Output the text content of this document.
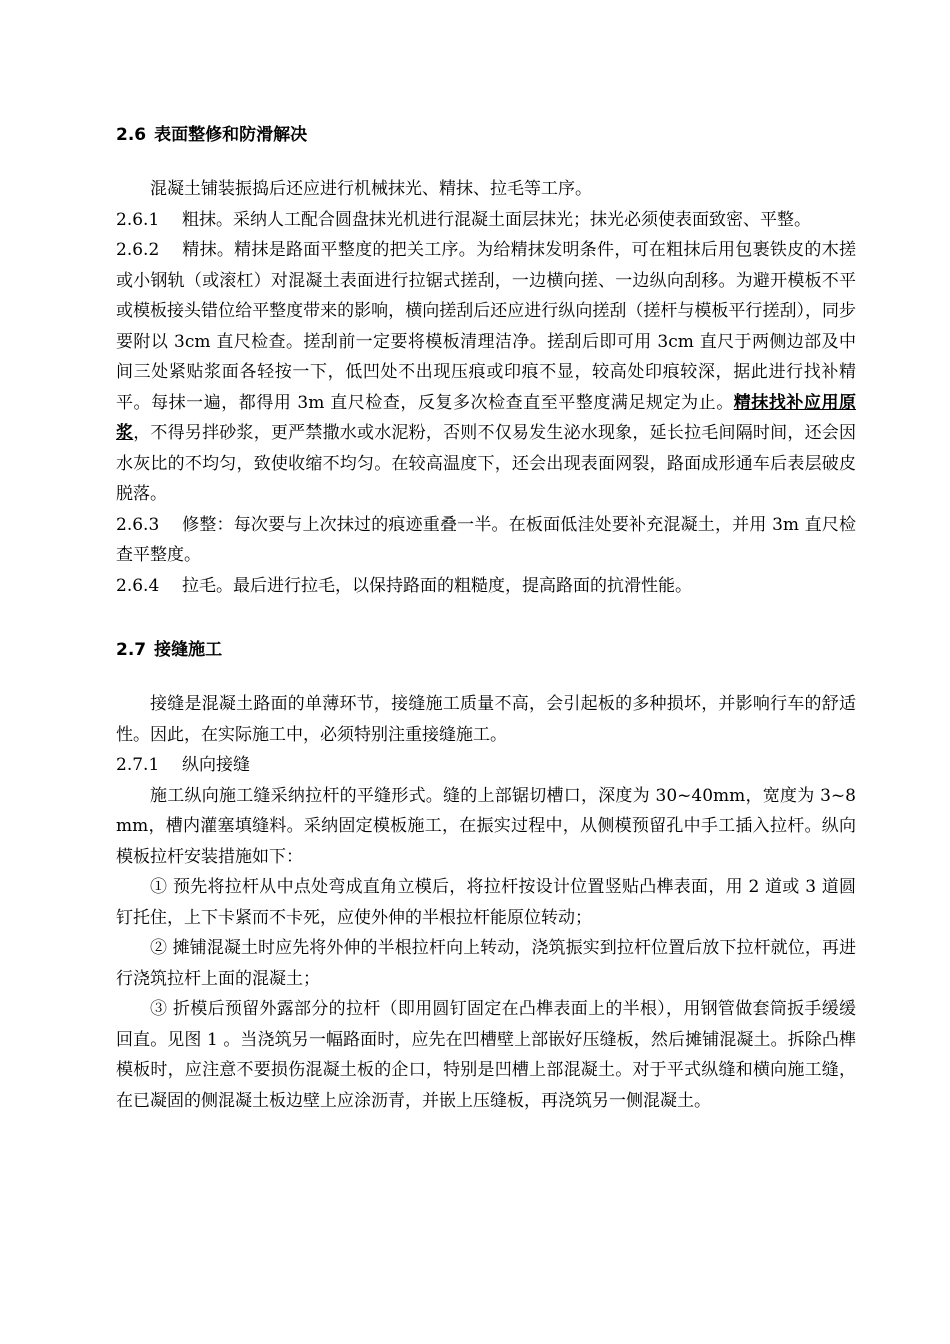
2.6 表面整修和防滑解决

混凝土铺装振捣后还应进行机械抹光、精抹、拉毛等工序。

2.6.1 粗抹。采纳人工配合圆盘抹光机进行混凝土面层抹光；抹光必须使表面致密、平整。

2.6.2 精抹。精抹是路面平整度的把关工序。为给精抹发明条件，可在粗抹后用包裹铁皮的木搓或小钢轨（或滚杠）对混凝土表面进行拉锯式搓刮，一边横向搓、一边纵向刮移。为避开模板不平或模板接头错位给平整度带来的影响，横向搓刮后还应进行纵向搓刮（搓杆与模板平行搓刮），同步要附以 3cm 直尺检查。搓刮前一定要将模板清理洁净。搓刮后即可用 3cm 直尺于两侧边部及中间三处紧贴浆面各轻按一下，低凹处不出现压痕或印痕不显，较高处印痕较深，据此进行找补精平。每抹一遍，都得用 3m 直尺检查，反复多次检查直至平整度满足规定为止。精抹找补应用原浆，不得另拌砂浆，更严禁撒水或水泥粉，否则不仅易发生泌水现象，延长拉毛间隔时间，还会因水灰比的不均匀，致使收缩不均匀。在较高温度下，还会出现表面网裂，路面成形通车后表层破皮脱落。

2.6.3 修整：每次要与上次抹过的痕迹重叠一半。在板面低洼处要补充混凝土，并用 3m 直尺检查平整度。

2.6.4 拉毛。最后进行拉毛，以保持路面的粗糙度，提高路面的抗滑性能。

2.7 接缝施工

接缝是混凝土路面的单薄环节，接缝施工质量不高，会引起板的多种损坏，并影响行车的舒适性。因此，在实际施工中，必须特别注重接缝施工。

2.7.1 纵向接缝

施工纵向施工缝采纳拉杆的平缝形式。缝的上部锯切槽口，深度为 30~40mm，宽度为 3~8mm，槽内灌塞填缝料。采纳固定模板施工，在振实过程中，从侧模预留孔中手工插入拉杆。纵向模板拉杆安装措施如下：

① 预先将拉杆从中点处弯成直角立模后，将拉杆按设计位置竖贴凸榫表面，用 2 道或 3 道圆钉托住，上下卡紧而不卡死，应使外伸的半根拉杆能原位转动；

② 摊铺混凝土时应先将外伸的半根拉杆向上转动，浇筑振实到拉杆位置后放下拉杆就位，再进行浇筑拉杆上面的混凝土；

③ 折模后预留外露部分的拉杆（即用圆钉固定在凸榫表面上的半根），用钢管做套筒扳手缓缓回直。见图 1 。当浇筑另一幅路面时，应先在凹槽壁上部嵌好压缝板，然后摊铺混凝土。拆除凸榫模板时，应注意不要损伤混凝土板的企口，特别是凹槽上部混凝土。对于平式纵缝和横向施工缝，在已凝固的侧混凝土板边壁上应涂沥青，并嵌上压缝板，再浇筑另一侧混凝土。
